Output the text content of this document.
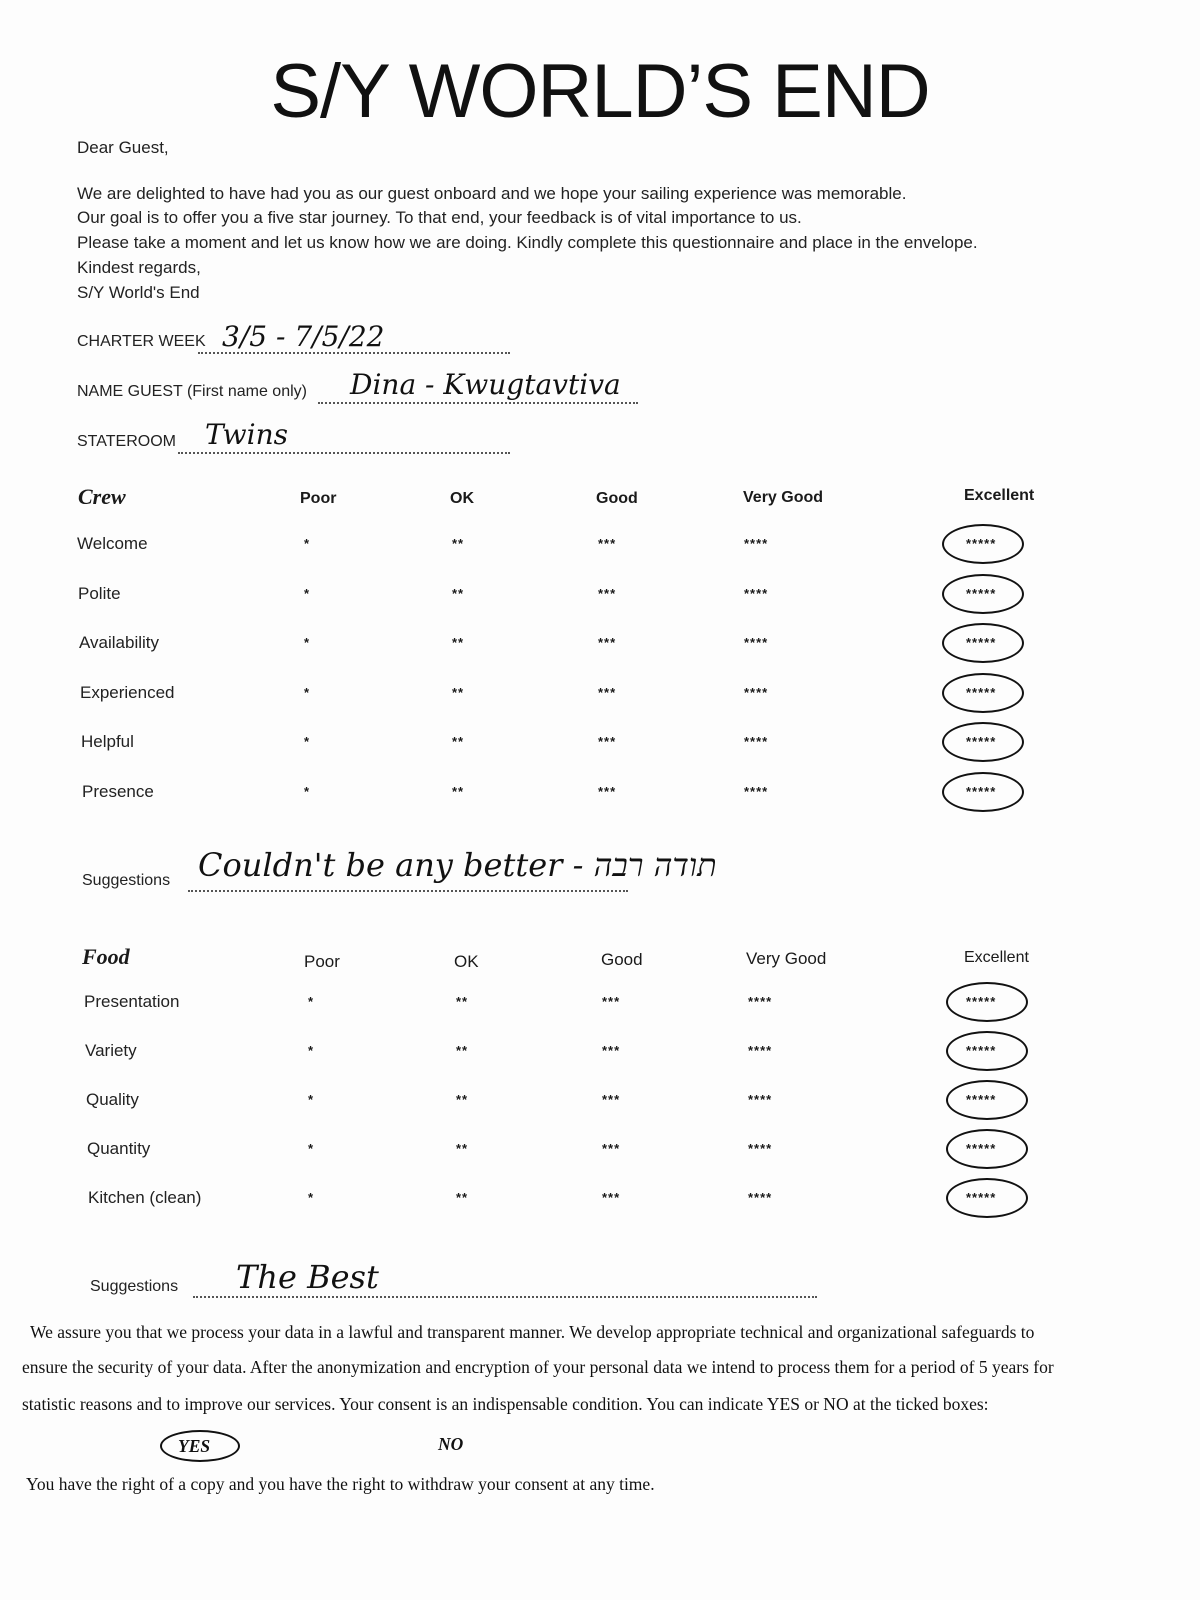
S/Y WORLD’S END
Dear Guest,
We are delighted to have had you as our guest onboard and we hope your sailing experience was memorable.
Our goal is to offer you a five star journey. To that end, your feedback is of vital importance to us.
Please take a moment and let us know how we are doing. Kindly complete this questionnaire and place in the envelope.
Kindest regards,
S/Y World's End
CHARTER WEEK 3/5 - 7/5/22
NAME GUEST (First name only) Dina - Kwugtavtiva
STATEROOM Twins
Crew	Poor	OK	Good	Very Good	Excellent
Welcome	*	**	***	****	*****
Polite	*	**	***	****	*****
Availability	*	**	***	****	*****
Experienced	*	**	***	****	*****
Helpful	*	**	***	****	*****
Presence	*	**	***	****	*****
Suggestions Couldn't be any better - תודה רבה
Food	Poor	OK	Good	Very Good	Excellent
Presentation	*	**	***	****	*****
Variety	*	**	***	****	*****
Quality	*	**	***	****	*****
Quantity	*	**	***	****	*****
Kitchen (clean)	*	**	***	****	*****
Suggestions The Best
We assure you that we process your data in a lawful and transparent manner. We develop appropriate technical and organizational safeguards to
ensure the security of your data. After the anonymization and encryption of your personal data we intend to process them for a period of 5 years for
statistic reasons and to improve our services. Your consent is an indispensable condition. You can indicate YES or NO at the ticked boxes:
YES	NO
You have the right of a copy and you have the right to withdraw your consent at any time.
